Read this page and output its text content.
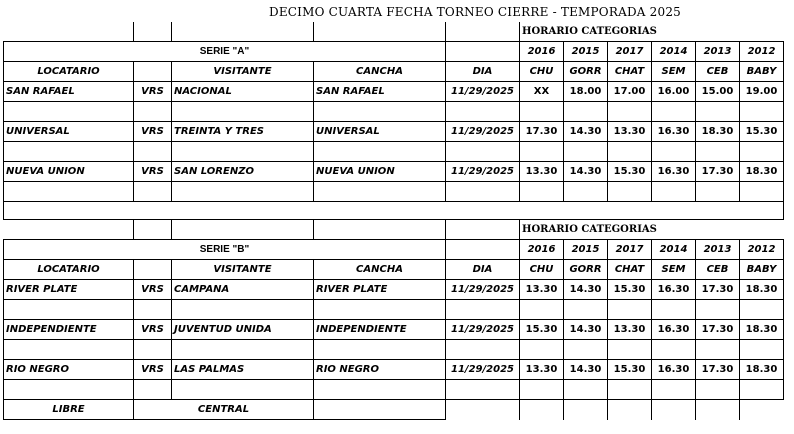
DECIMO CUARTA FECHA TORNEO CIERRE - TEMPORADA 2025
					HORARIO CATEGORIAS					
SERIE "A"					2016	2015	2017	2014	2013	2012
LOCATARIO		VISITANTE	CANCHA	DIA	CHU	GORR	CHAT	SEM	CEB	BABY
SAN RAFAEL	VRS	NACIONAL	SAN RAFAEL	11/29/2025	XX	18.00	17.00	16.00	15.00	19.00

UNIVERSAL	VRS	TREINTA Y TRES	UNIVERSAL	11/29/2025	17.30	14.30	13.30	16.30	18.30	15.30

NUEVA UNION	VRS	SAN LORENZO	NUEVA UNION	11/29/2025	13.30	14.30	15.30	16.30	17.30	18.30

					HORARIO CATEGORIAS					
SERIE "B"					2016	2015	2017	2014	2013	2012
LOCATARIO		VISITANTE	CANCHA	DIA	CHU	GORR	CHAT	SEM	CEB	BABY
RIVER PLATE	VRS	CAMPANA	RIVER PLATE	11/29/2025	13.30	14.30	15.30	16.30	17.30	18.30

INDEPENDIENTE	VRS	JUVENTUD UNIDA	INDEPENDIENTE	11/29/2025	15.30	14.30	13.30	16.30	17.30	18.30

RIO NEGRO	VRS	LAS PALMAS	RIO NEGRO	11/29/2025	13.30	14.30	15.30	16.30	17.30	18.30

LIBRE	CENTRAL									
